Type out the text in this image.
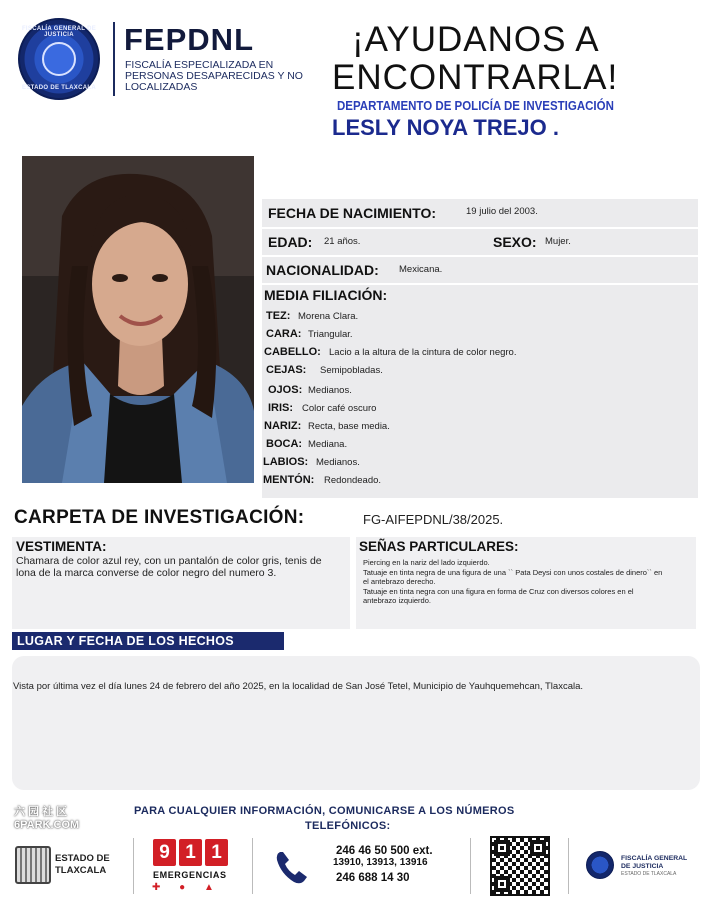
FISCALÍA GENERAL DE JUSTICIA
ESTADO DE TLAXCALA
FEPDNL
FISCALÍA ESPECIALIZADA EN PERSONAS DESAPARECIDAS Y NO LOCALIZADAS
¡AYUDANOS A
ENCONTRARLA!
DEPARTAMENTO DE POLICÍA DE INVESTIGACIÓN
LESLY NOYA TREJO .
FECHA DE NACIMIENTO:	19 julio del 2003.
EDAD: 21 años.	SEXO: Mujer.
NACIONALIDAD: Mexicana.
MEDIA FILIACIÓN:
TEZ: Morena Clara.
CARA: Triangular.
CABELLO: Lacio a la altura de la cintura de color negro.
CEJAS: Semipobladas.
OJOS: Medianos.
IRIS: Color café oscuro
NARIZ: Recta, base media.
BOCA: Mediana.
LABIOS: Medianos.
MENTÓN: Redondeado.
CARPETA DE INVESTIGACIÓN:	FG-AIFEPDNL/38/2025.
VESTIMENTA:
Chamara de color azul rey, con un pantalón de color gris, tenis de lona de la marca converse de color negro del numero 3.
SEÑAS PARTICULARES:
Piercing en la nariz del lado izquierdo.
Tatuaje en tinta negra de una figura de una `` Pata Deysi con unos costales de dinero`` en el antebrazo derecho.
Tatuaje en tinta negra con una figura en forma de Cruz con diversos colores en el antebrazo izquierdo.
LUGAR Y FECHA DE LOS HECHOS
Vista por última vez el día lunes 24 de febrero del año 2025, en la localidad de San José Tetel, Municipio de Yauhquemehcan, Tlaxcala.
六 园 社 区
6PARK.COM
PARA CUALQUIER INFORMACIÓN, COMUNICARSE A LOS NÚMEROS
TELEFÓNICOS:
ESTADO DE
TLAXCALA
9 1 1
EMERGENCIAS
✚ ● ▲
246 46 50 500 ext.
13910, 13913, 13916
246 688 14 30
FISCALÍA GENERAL DE JUSTICIA
ESTADO DE TLAXCALA
